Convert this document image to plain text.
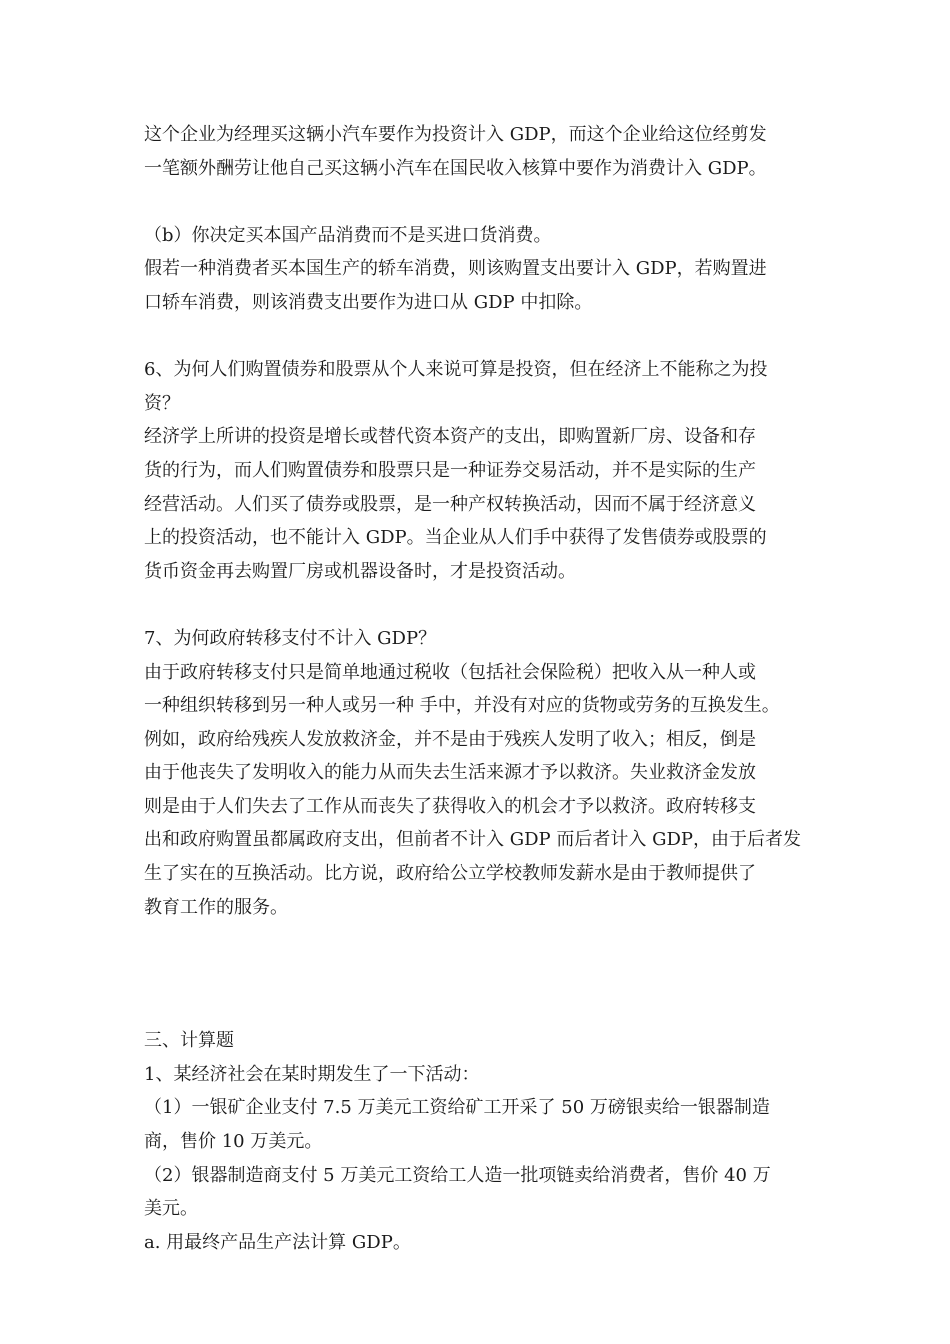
这个企业为经理买这辆小汽车要作为投资计入 GDP，而这个企业给这位经剪发
一笔额外酬劳让他自己买这辆小汽车在国民收入核算中要作为消费计入 GDP。
（b）你决定买本国产品消费而不是买进口货消费。
假若一种消费者买本国生产的轿车消费，则该购置支出要计入 GDP，若购置进
口轿车消费，则该消费支出要作为进口从 GDP 中扣除。
6、为何人们购置债券和股票从个人来说可算是投资，但在经济上不能称之为投
资？
经济学上所讲的投资是增长或替代资本资产的支出，即购置新厂房、设备和存
货的行为，而人们购置债券和股票只是一种证券交易活动，并不是实际的生产
经营活动。人们买了债券或股票，是一种产权转换活动，因而不属于经济意义
上的投资活动，也不能计入 GDP。当企业从人们手中获得了发售债券或股票的
货币资金再去购置厂房或机器设备时，才是投资活动。
7、为何政府转移支付不计入 GDP？
由于政府转移支付只是简单地通过税收（包括社会保险税）把收入从一种人或
一种组织转移到另一种人或另一种 手中，并没有对应的货物或劳务的互换发生。
例如，政府给残疾人发放救济金，并不是由于残疾人发明了收入；相反，倒是
由于他丧失了发明收入的能力从而失去生活来源才予以救济。失业救济金发放
则是由于人们失去了工作从而丧失了获得收入的机会才予以救济。政府转移支
出和政府购置虽都属政府支出，但前者不计入 GDP 而后者计入 GDP，由于后者发
生了实在的互换活动。比方说，政府给公立学校教师发薪水是由于教师提供了
教育工作的服务。
三、计算题
1、某经济社会在某时期发生了一下活动：
（1）一银矿企业支付 7.5 万美元工资给矿工开采了 50 万磅银卖给一银器制造
商，售价 10 万美元。
（2）银器制造商支付 5 万美元工资给工人造一批项链卖给消费者，售价 40 万
美元。
a. 用最终产品生产法计算 GDP。
